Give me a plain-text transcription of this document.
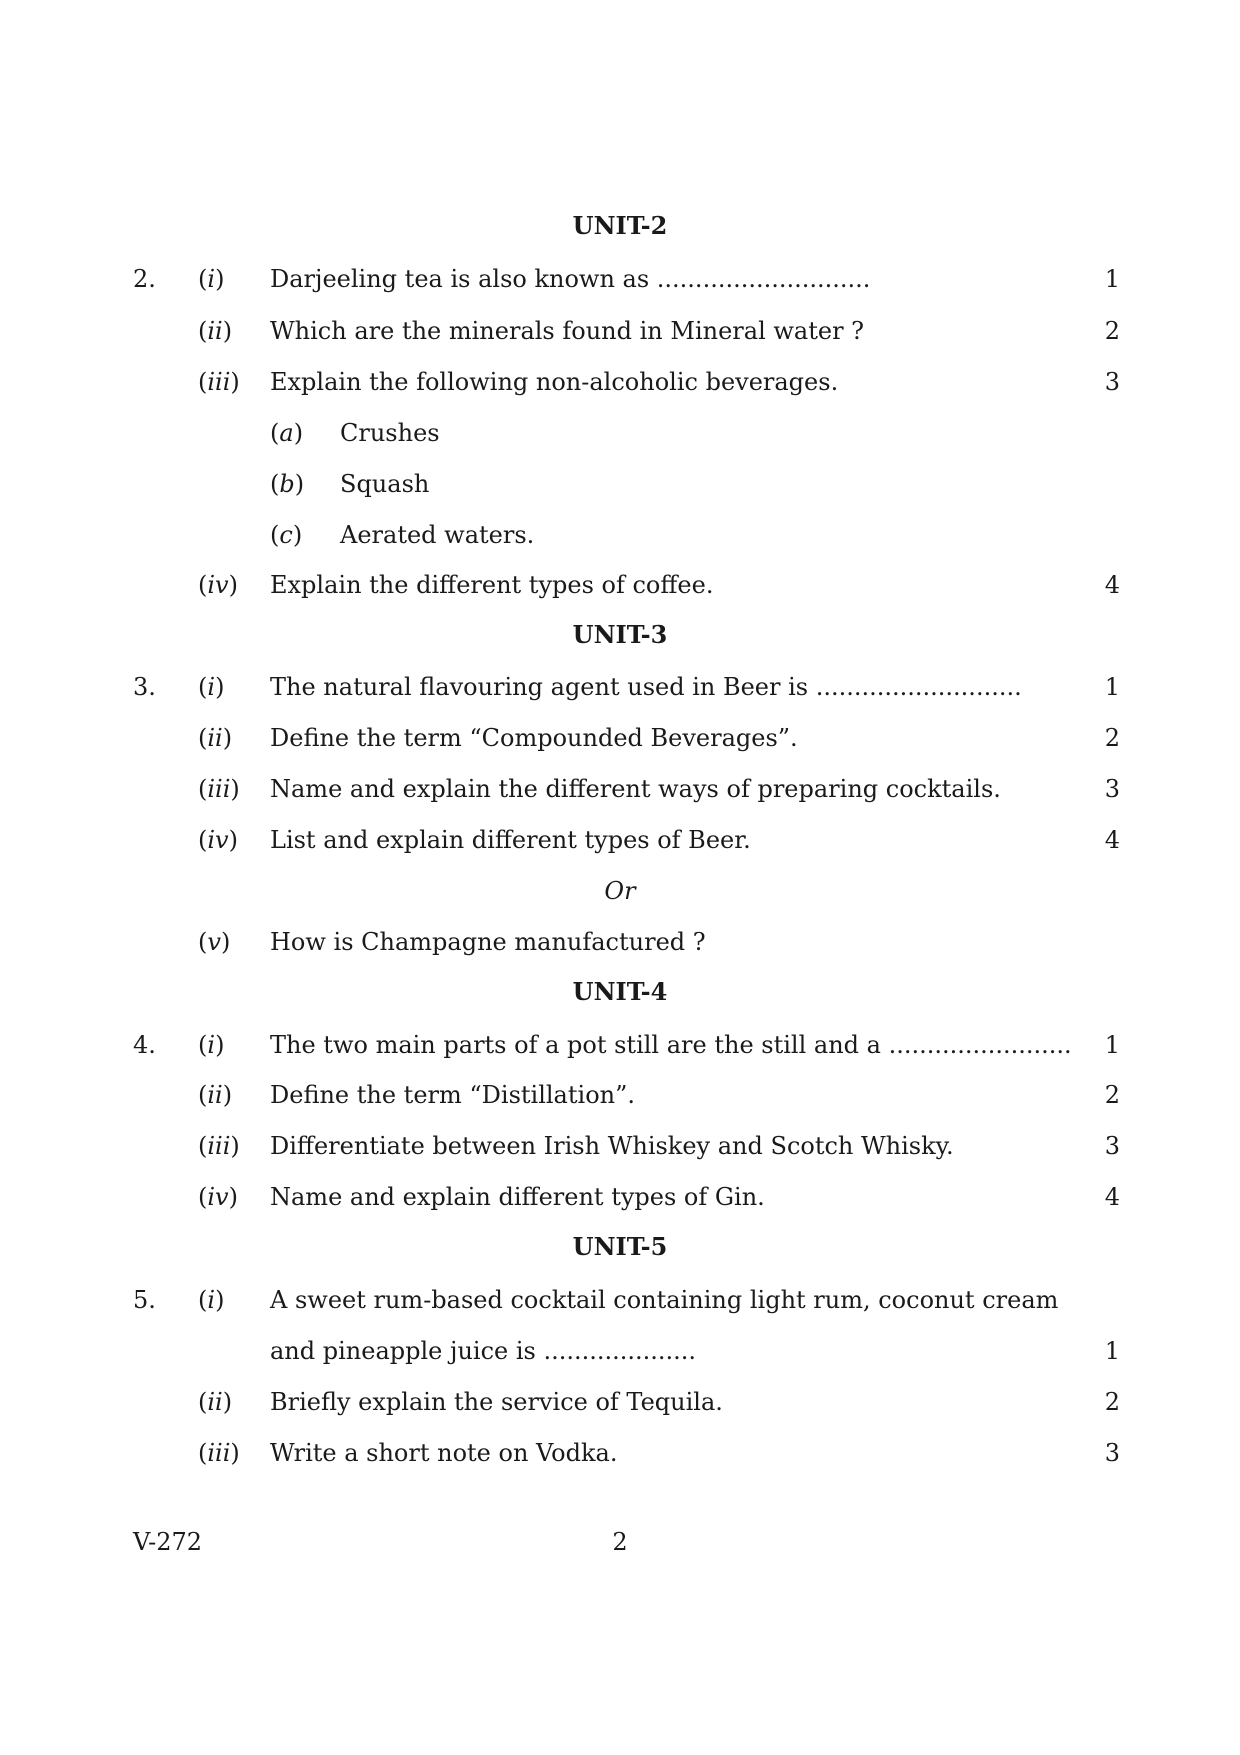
UNIT-2
2. (i) Darjeeling tea is also known as ............................	1
(ii) Which are the minerals found in Mineral water ?	2
(iii) Explain the following non-alcoholic beverages.	3
(a) Crushes
(b) Squash
(c) Aerated waters.
(iv) Explain the different types of coffee.	4
UNIT-3
3. (i) The natural flavouring agent used in Beer is ...........................	1
(ii) Define the term “Compounded Beverages”.	2
(iii) Name and explain the different ways of preparing cocktails.	3
(iv) List and explain different types of Beer.	4
Or
(v) How is Champagne manufactured ?
UNIT-4
4. (i) The two main parts of a pot still are the still and a ........................	1
(ii) Define the term “Distillation”.	2
(iii) Differentiate between Irish Whiskey and Scotch Whisky.	3
(iv) Name and explain different types of Gin.	4
UNIT-5
5. (i) A sweet rum-based cocktail containing light rum, coconut cream
and pineapple juice is ....................	1
(ii) Briefly explain the service of Tequila.	2
(iii) Write a short note on Vodka.	3
V-272	2
